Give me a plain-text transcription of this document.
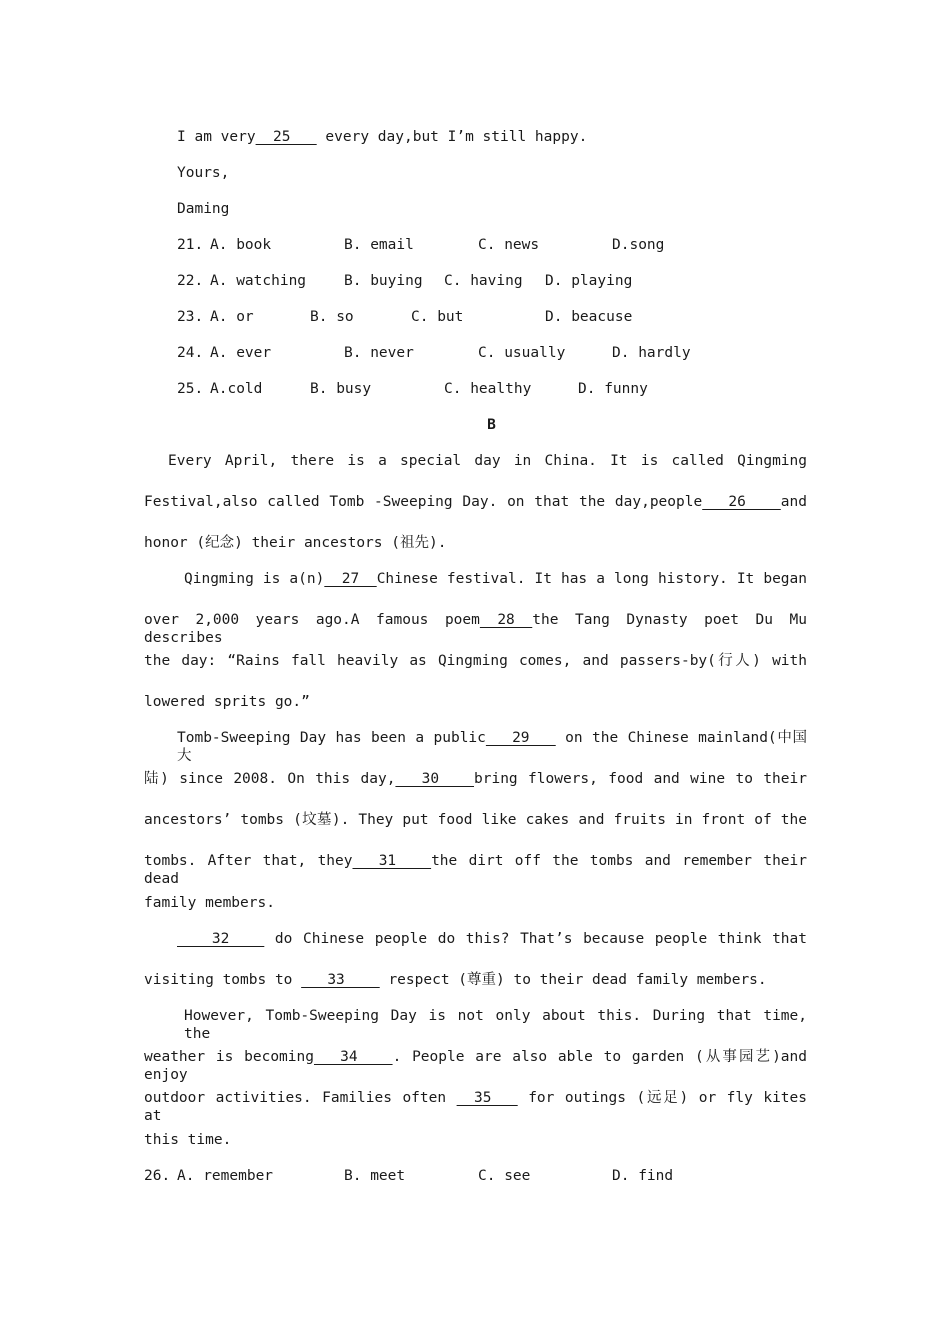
I am very  25    every day,but I’m still happy.
Yours,
Daming
21. A. book	B. email	C. news	D.song
22. A. watching	B. buying C. having D. playing
23. A. or	B. so	C. but	D. beacuse
24. A. ever	B. never	C. usually	D. hardly
25. A.cold	B. busy	C. healthy	D. funny
B
Every April, there is a special day in China. It is called Qingming
Festival,also called Tomb -Sweeping Day. on that the day,people   26    and
honor (纪念) their ancestors (祖先).
Qingming is a(n)  27  Chinese festival. It has a long history. It began
over 2,000 years ago.A famous poem  28  the Tang Dynasty poet Du Mu describes
the day: “Rains fall heavily as Qingming comes, and passers-by(行人) with
lowered sprits go.”
Tomb-Sweeping Day has been a public   29    on the Chinese mainland(中国大
陆) since 2008. On this day,   30    bring flowers, food and wine to their
ancestors’ tombs (坟墓). They put food like cakes and fruits in front of the
tombs. After that, they   31    the dirt off the tombs and remember their dead
family members.
32     do Chinese people do this? That’s because people think that
visiting tombs to    33     respect (尊重) to their dead family members.
However, Tomb-Sweeping Day is not only about this. During that time, the
weather is becoming   34    . People are also able to garden (从事园艺)and enjoy
outdoor activities. Families often   35    for outings (远足) or fly kites at
this time.
26. A. remember	B. meet	C. see	D. find
